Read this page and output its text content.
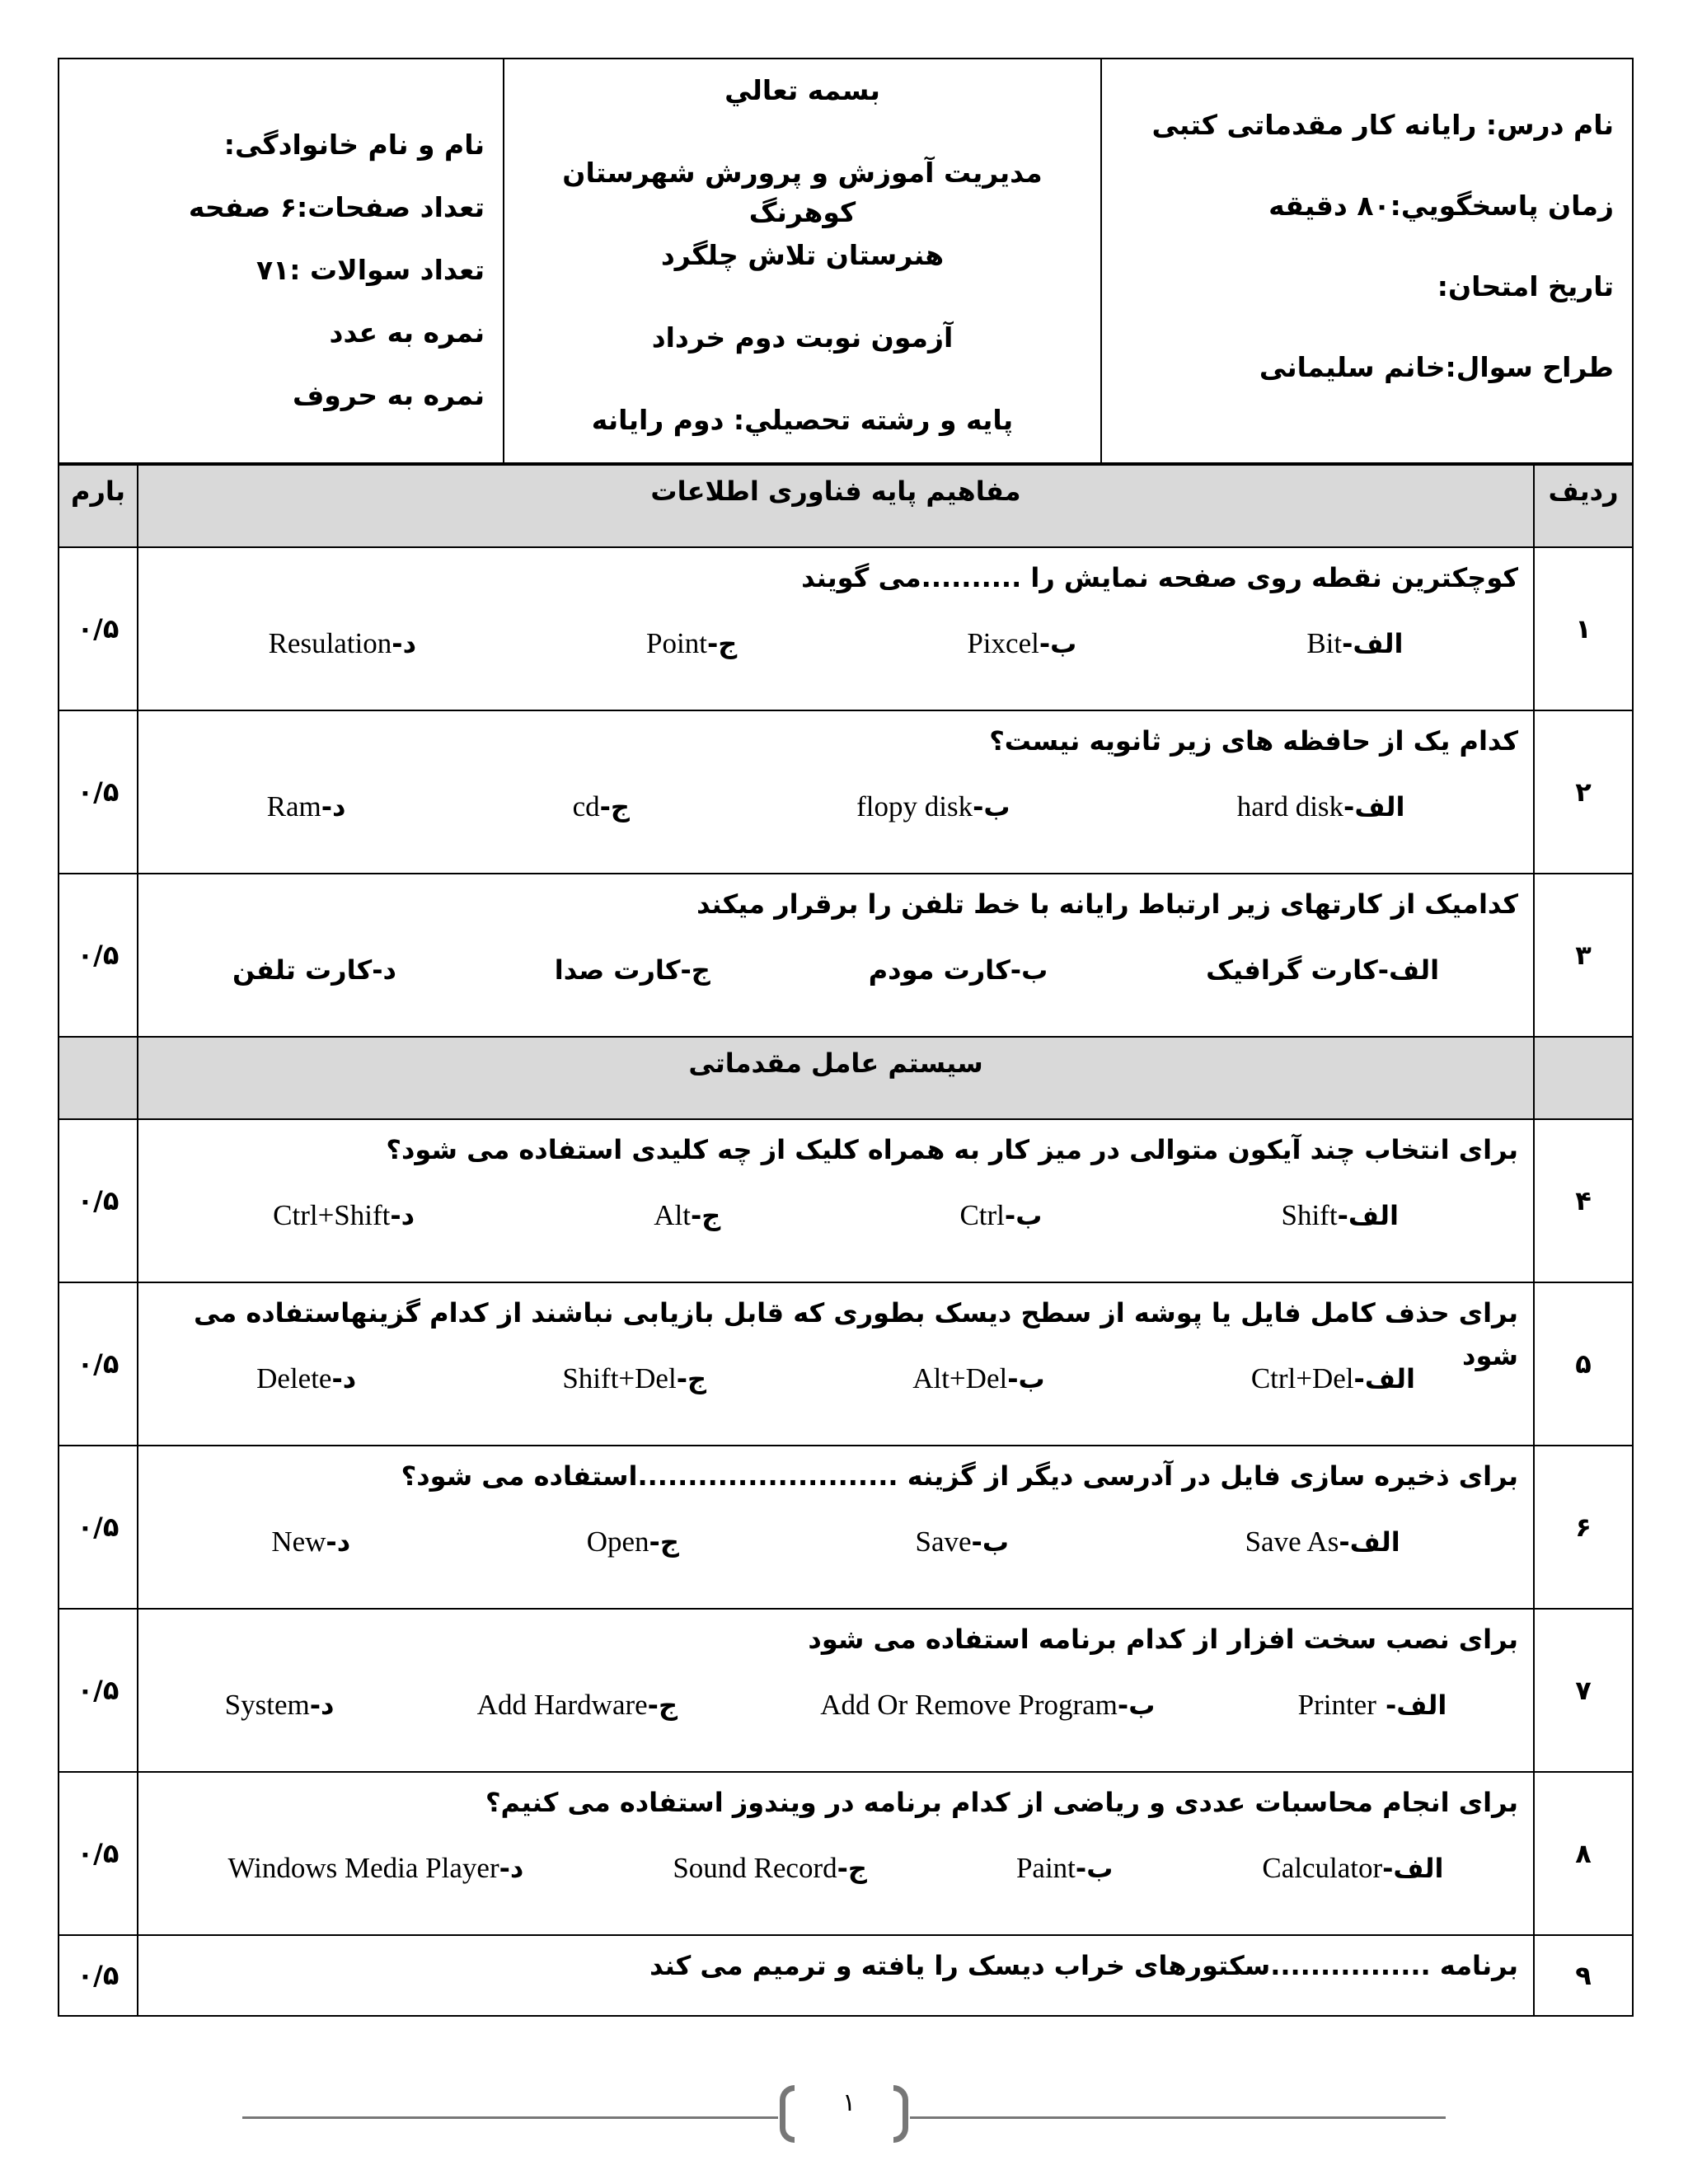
نام درس: رایانه کار مقدماتی کتبی
زمان پاسخگويي:۸۰ دقیقه
تاريخ امتحان:
طراح سوال:خانم سلیمانی
بسمه تعالي
مديريت آموزش و پرورش شهرستان کوهرنگ
هنرستان تلاش چلگرد
آزمون نوبت دوم خرداد
پايه و رشته تحصيلي: دوم رایانه
نام و نام خانوادگی:
تعداد صفحات:۶ صفحه
تعداد سوالات :۷۱
نمره به عدد
نمره به حروف
رديف	مفاهيم پايه فناوری اطلاعات	بارم
۱	کوچکترين نقطه روی صفحه نمايش را ..........می گويند
الف-Bit
ب-Pixcel
ج-Point
د-Resulation	۰/۵
۲	کدام يک از حافظه های زير ثانويه نيست؟
الف-hard disk
ب-flopy disk
ج-cd
د-Ram	۰/۵
۳	کداميک از کارتهای زير ارتباط رايانه با خط تلفن را برقرار ميکند
الف-کارت گرافیک
ب-کارت مودم
ج-کارت صدا
د-کارت تلفن	۰/۵
	سیستم عامل مقدماتی	
۴	برای انتخاب چند آيکون متوالی در ميز کار به همراه کليک از چه کليدی استفاده می شود؟
الف-Shift
ب-Ctrl
ج-Alt
د-Ctrl+Shift	۰/۵
۵	برای حذف کامل فايل يا پوشه از سطح ديسک بطوری که قابل بازيابی نباشند از کدام گزينهاستفاده می شود
الف-Ctrl+Del
ب-Alt+Del
ج-Shift+Del
د-Delete	۰/۵
۶	برای ذخيره سازی فايل در آدرسی ديگر از گزينه ..........................استفاده می شود؟
الف-Save As
ب-Save
ج-Open
د-New	۰/۵
۷	برای نصب سخت افزار از کدام برنامه استفاده می شود
الف- Printer
ب-Add Or Remove Program
ج-Add Hardware
د-System	۰/۵
۸	برای انجام محاسبات عددی و رياضی از کدام برنامه در ويندوز استفاده می کنيم؟
الف-Calculator
ب-Paint
ج-Sound Record
د-Windows Media Player	۰/۵
۹	برنامه ................سکتورهای خراب ديسک را يافته و ترميم می کند	۰/۵
۱
